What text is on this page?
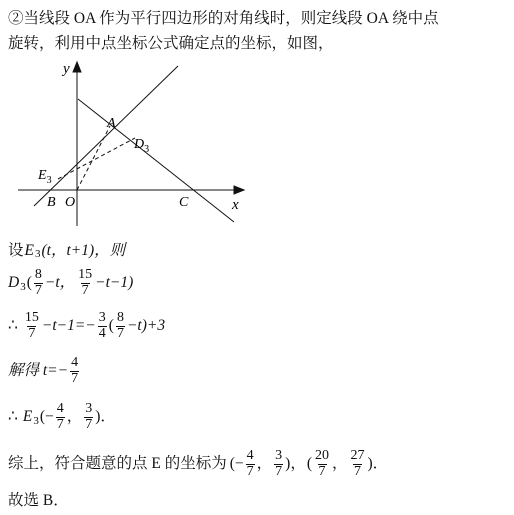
②当线段 OA 作为平行四边形的对角线时，则定线段 OA 绕中点
旋转，利用中点坐标公式确定点的坐标，如图，
y
x
A
$D_3$
$E_3$
B O	C
设 E 3 (t，t+1)，则
D 3 ( $\frac{8}{7} -t$， $\frac{15}{7} -t-1$)
∴ $\frac{15}{7} -t-1=- \frac{3}{4}$ ( $\frac{8}{7} -t)+3$
解得 $t=- \frac{4}{7}$
∴ E 3 (− $\frac{4}{7}$ ， $\frac{3}{7}$ )．
综上，符合题意的点 E 的坐标为 (− $\frac{4}{7}$ ， $\frac{3}{7}$ )， ( $\frac{20}{7}$ ， $\frac{27}{7}$ )．
故选 B．
